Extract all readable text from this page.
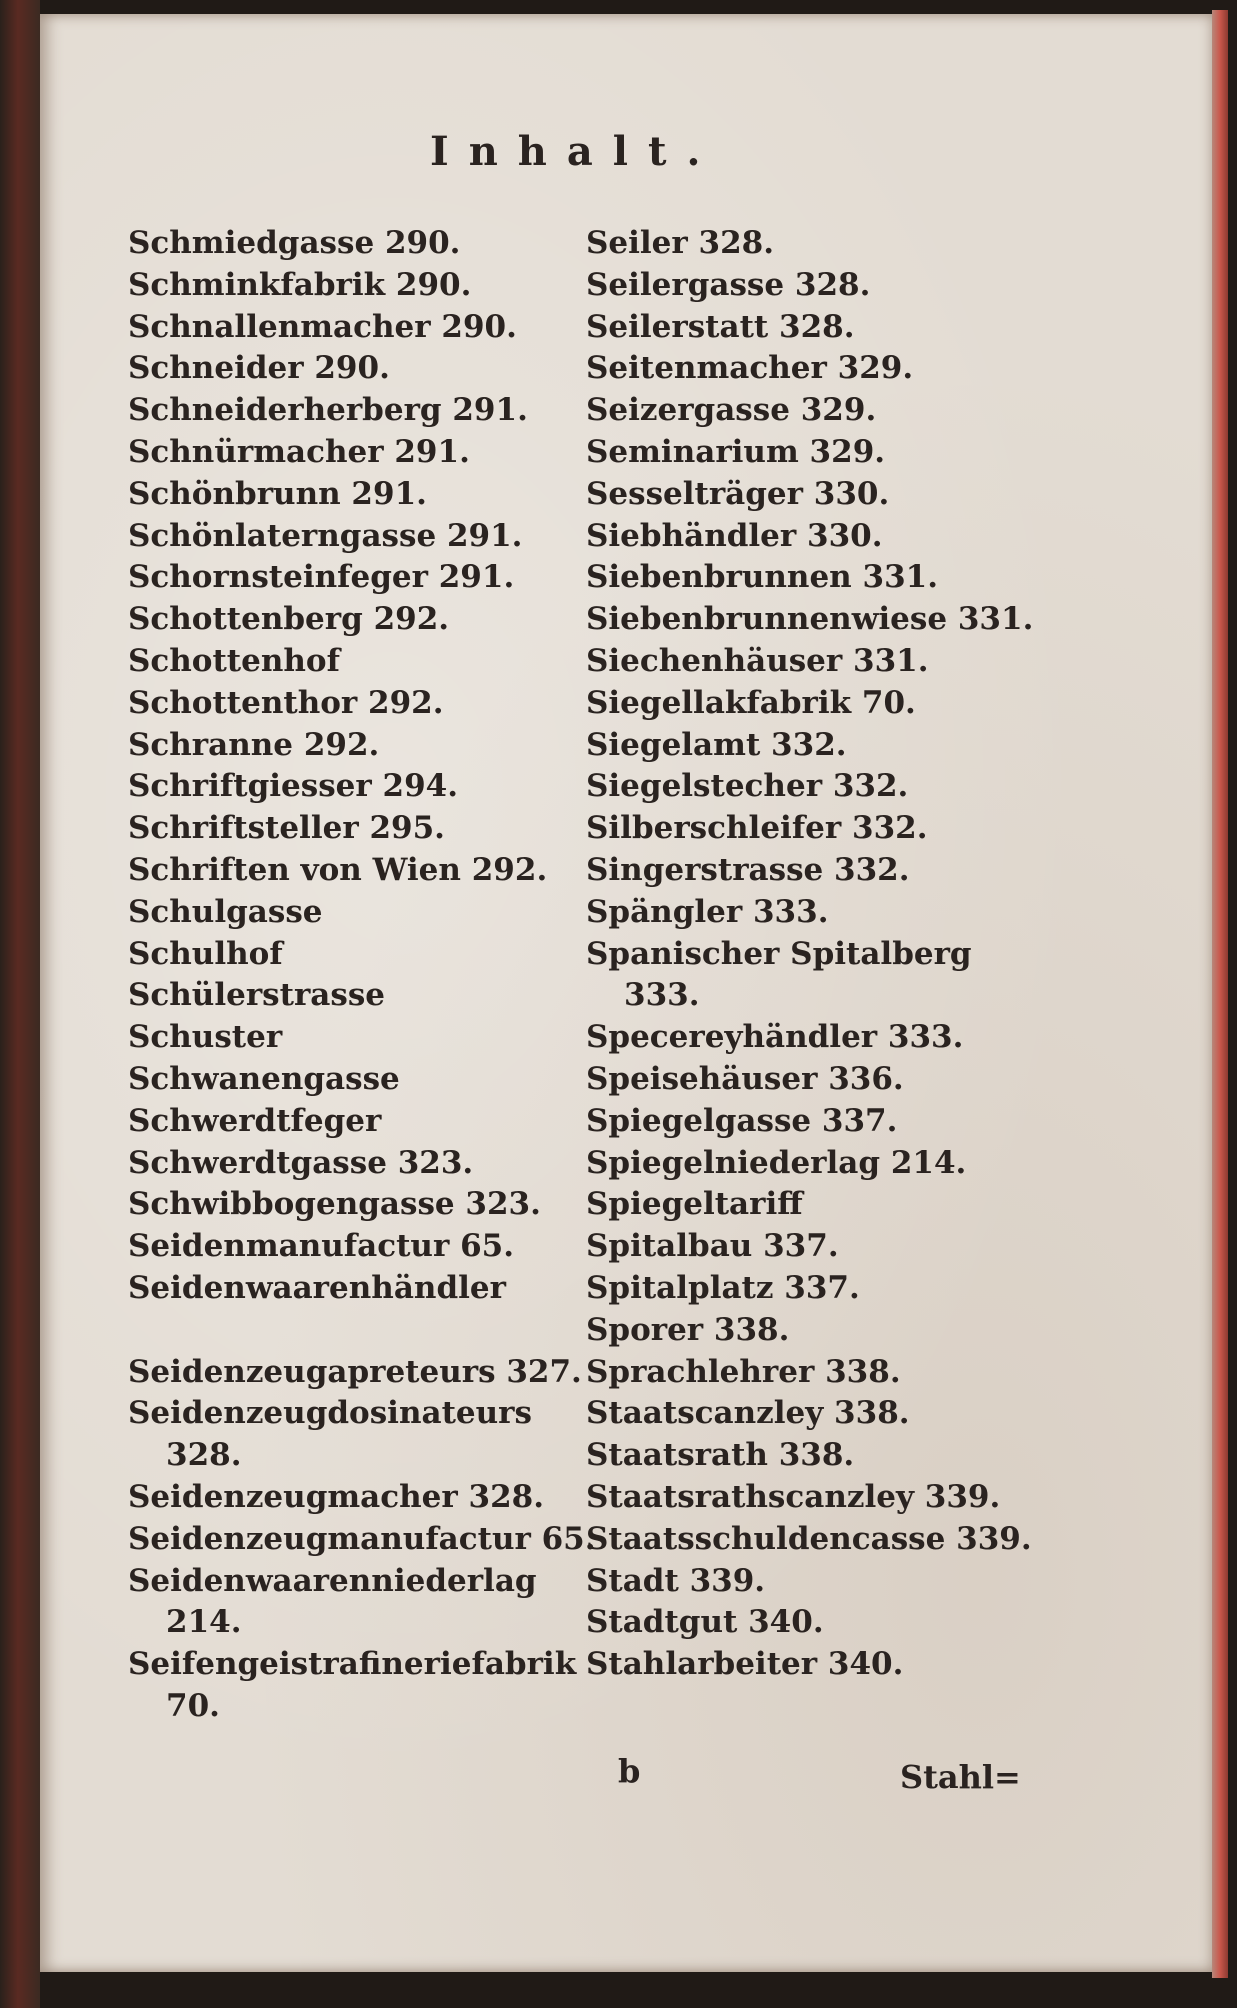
Inhalt.
Schmiedgasse 290.
Schminkfabrik 290.
Schnallenmacher 290.
Schneider 290.
Schneiderherberg 291.
Schnürmacher 291.
Schönbrunn 291.
Schönlaterngasse 291.
Schornsteinfeger 291.
Schottenberg 292.
Schottenhof
Schottenthor 292.
Schranne 292.
Schriftgiesser 294.
Schriftsteller 295.
Schriften von Wien 292.
Schulgasse
Schulhof
Schülerstrasse
Schuster
Schwanengasse
Schwerdtfeger
Schwerdtgasse 323.
Schwibbogengasse 323.
Seidenmanufactur 65.
Seidenwaarenhändler
Seidenzeugapreteurs 327.
Seidenzeugdosinateurs
328.
Seidenzeugmacher 328.
Seidenzeugmanufactur 65.
Seidenwaarenniederlag
214.
Seifengeistrafineriefabrik
70.
Seiler 328.
Seilergasse 328.
Seilerstatt 328.
Seitenmacher 329.
Seizergasse 329.
Seminarium 329.
Sesselträger 330.
Siebhändler 330.
Siebenbrunnen 331.
Siebenbrunnenwiese 331.
Siechenhäuser 331.
Siegellakfabrik 70.
Siegelamt 332.
Siegelstecher 332.
Silberschleifer 332.
Singerstrasse 332.
Spängler 333.
Spanischer Spitalberg
333.
Specereyhändler 333.
Speisehäuser 336.
Spiegelgasse 337.
Spiegelniederlag 214.
Spiegeltariff
Spitalbau 337.
Spitalplatz 337.
Sporer 338.
Sprachlehrer 338.
Staatscanzley 338.
Staatsrath 338.
Staatsrathscanzley 339.
Staatsschuldencasse 339.
Stadt 339.
Stadtgut 340.
Stahlarbeiter 340.
b	Stahl=
